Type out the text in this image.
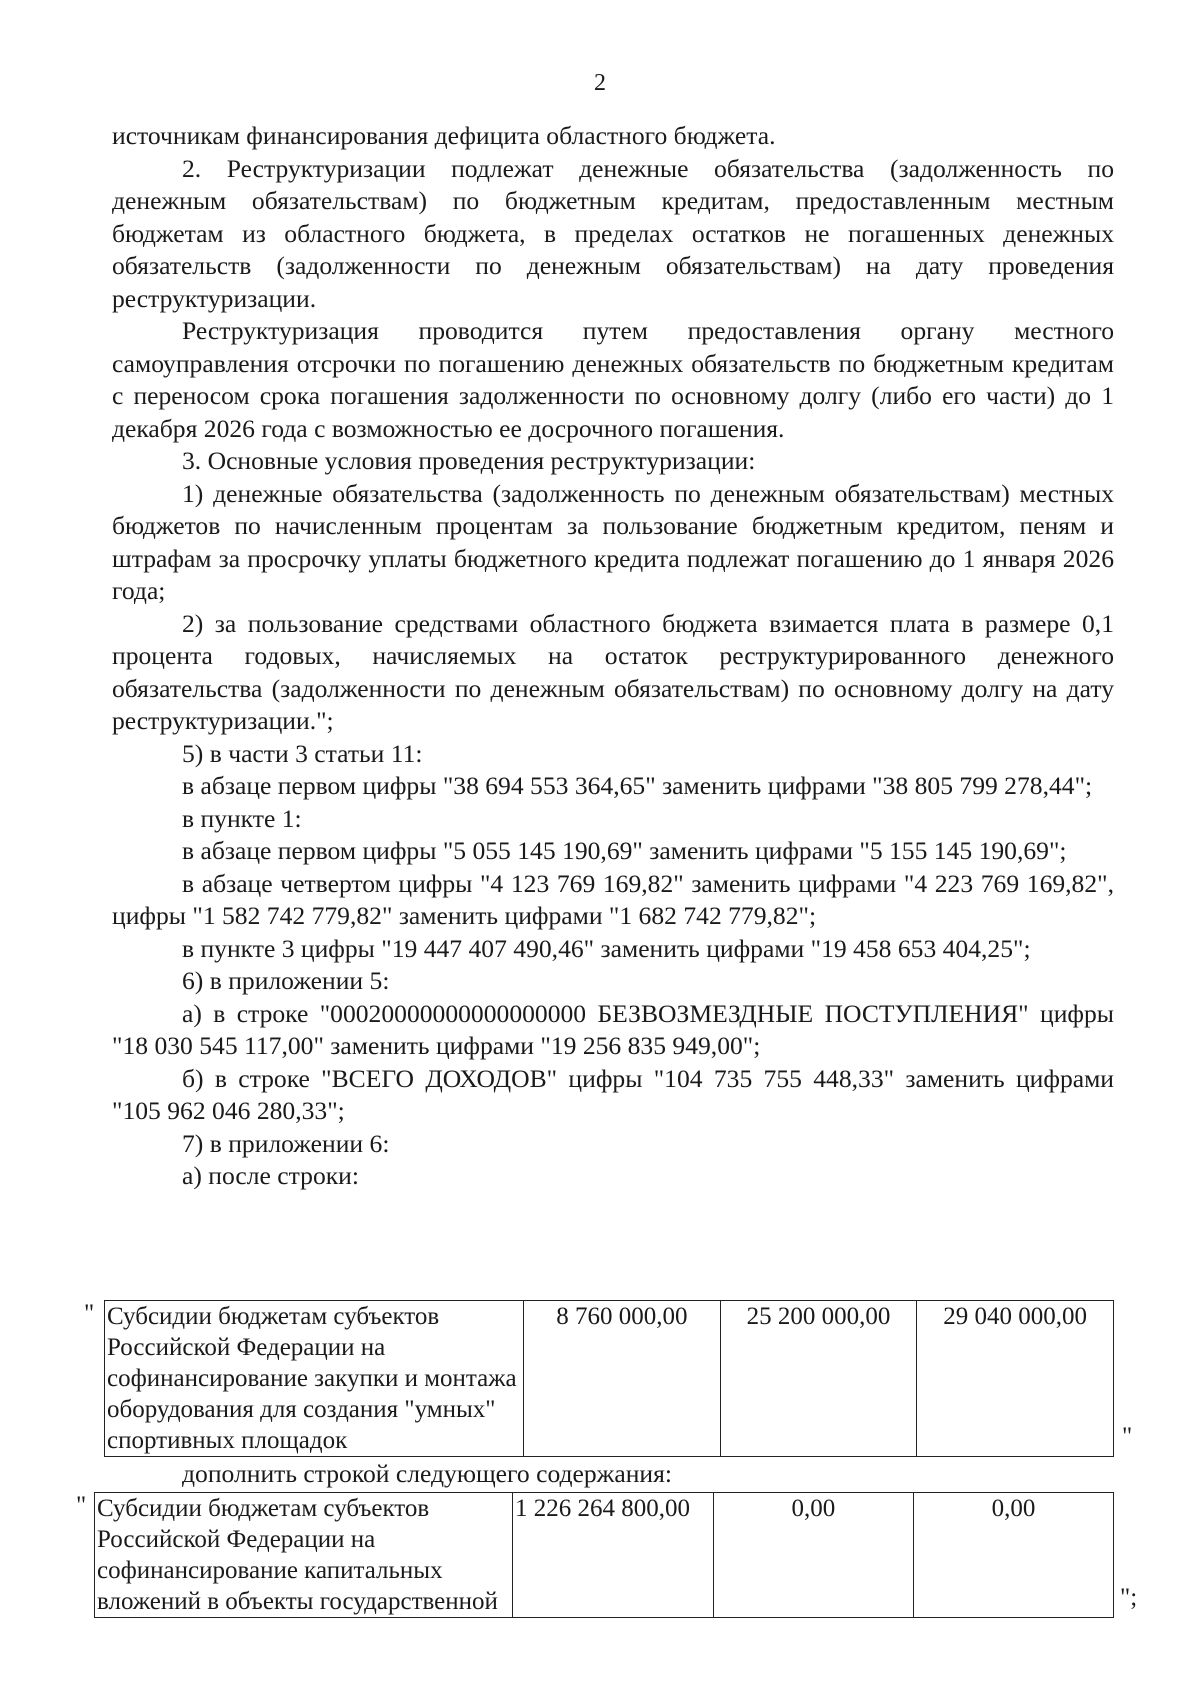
2

источникам финансирования дефицита областного бюджета.

2. Реструктуризации подлежат денежные обязательства (задолженность по денежным обязательствам) по бюджетным кредитам, предоставленным местным бюджетам из областного бюджета, в пределах остатков не погашенных денежных обязательств (задолженности по денежным обязательствам) на дату проведения реструктуризации.

Реструктуризация проводится путем предоставления органу местного самоуправления отсрочки по погашению денежных обязательств по бюджетным кредитам с переносом срока погашения задолженности по основному долгу (либо его части) до 1 декабря 2026 года с возможностью ее досрочного погашения.

3. Основные условия проведения реструктуризации:

1) денежные обязательства (задолженность по денежным обязательствам) местных бюджетов по начисленным процентам за пользование бюджетным кредитом, пеням и штрафам за просрочку уплаты бюджетного кредита подлежат погашению до 1 января 2026 года;

2) за пользование средствами областного бюджета взимается плата в размере 0,1 процента годовых, начисляемых на остаток реструктурированного денежного обязательства (задолженности по денежным обязательствам) по основному долгу на дату реструктуризации.";

5) в части 3 статьи 11:

в абзаце первом цифры "38 694 553 364,65" заменить цифрами "38 805 799 278,44";

в пункте 1:

в абзаце первом цифры "5 055 145 190,69" заменить цифрами "5 155 145 190,69";

в абзаце четвертом цифры "4 123 769 169,82" заменить цифрами "4 223 769 169,82", цифры "1 582 742 779,82" заменить цифрами "1 682 742 779,82";

в пункте 3 цифры "19 447 407 490,46" заменить цифрами "19 458 653 404,25";

6) в приложении 5:

а) в строке "00020000000000000000 БЕЗВОЗМЕЗДНЫЕ ПОСТУПЛЕНИЯ" цифры "18 030 545 117,00" заменить цифрами "19 256 835 949,00";

б) в строке "ВСЕГО ДОХОДОВ" цифры "104 735 755 448,33" заменить цифрами "105 962 046 280,33";

7) в приложении 6:

а) после строки:

" Субсидии бюджетам субъектов Российской Федерации на софинансирование закупки и монтажа оборудования для создания "умных" спортивных площадок	8 760 000,00	25 200 000,00	29 040 000,00
"
дополнить строкой следующего содержания:
" Субсидии бюджетам субъектов Российской Федерации на софинансирование капитальных вложений в объекты государственной	1 226 264 800,00	0,00	0,00
";
